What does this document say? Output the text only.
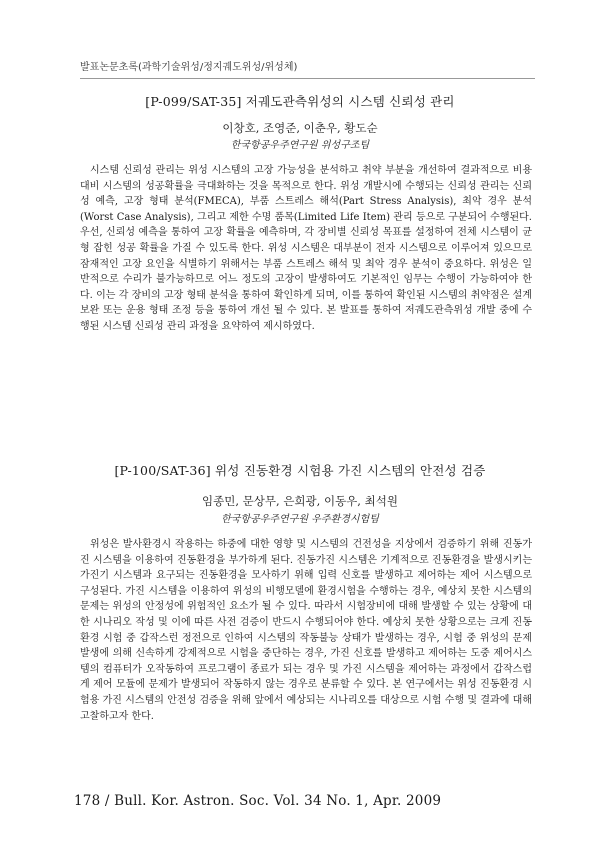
발표논문초록(과학기술위성/정지궤도위성/위성체)
[P-099/SAT-35] 저궤도관측위성의 시스템 신뢰성 관리
이창호, 조영준, 이춘우, 황도순
한국항공우주연구원 위성구조팀
시스템 신뢰성 관리는 위성 시스템의 고장 가능성을 분석하고 취약 부분을 개선하여 결과적으로 비용대비 시스템의 성공확률을 극대화하는 것을 목적으로 한다. 위성 개발시에 수행되는 신뢰성 관리는 신뢰성 예측, 고장 형태 분석(FMECA), 부품 스트레스 해석(Part Stress Analysis), 최악 경우 분석(Worst Case Analysis), 그리고 제한 수명 품목(Limited Life Item) 관리 등으로 구분되어 수행된다. 우선, 신뢰성 예측을 통하여 고장 확률을 예측하며, 각 장비별 신뢰성 목표를 설정하여 전체 시스템이 균형 잡힌 성공 확률을 가질 수 있도록 한다. 위성 시스템은 대부분이 전자 시스템으로 이루어져 있으므로 잠재적인 고장 요인을 식별하기 위해서는 부품 스트레스 해석 및 최악 경우 분석이 중요하다. 위성은 일반적으로 수리가 불가능하므로 어느 정도의 고장이 발생하여도 기본적인 임무는 수행이 가능하여야 한다. 이는 각 장비의 고장 형태 분석을 통하여 확인하게 되며, 이를 통하여 확인된 시스템의 취약점은 설계 보완 또는 운용 형태 조정 등을 통하여 개선 될 수 있다. 본 발표를 통하여 저궤도관측위성 개발 중에 수행된 시스템 신뢰성 관리 과정을 요약하여 제시하였다.
[P-100/SAT-36] 위성 진동환경 시험용 가진 시스템의 안전성 검증
임종민, 문상무, 은희광, 이동우, 최석원
한국항공우주연구원 우주환경시험팀
위성은 발사환경시 작용하는 하중에 대한 영향 및 시스템의 건전성을 지상에서 검증하기 위해 진동가진 시스템을 이용하여 진동환경을 부가하게 된다. 진동가진 시스템은 기계적으로 진동환경을 발생시키는 가진기 시스템과 요구되는 진동환경을 모사하기 위해 입력 신호를 발생하고 제어하는 제어 시스템으로 구성된다. 가진 시스템을 이용하여 위성의 비행모델에 환경시험을 수행하는 경우, 예상치 못한 시스템의 문제는 위성의 안정성에 위험적인 요소가 될 수 있다. 따라서 시험장비에 대해 발생할 수 있는 상황에 대한 시나리오 작성 및 이에 따른 사전 검증이 반드시 수행되어야 한다. 예상치 못한 상황으로는 크게 진동환경 시험 중 갑작스런 정전으로 인하여 시스템의 작동불능 상태가 발생하는 경우, 시험 중 위성의 문제 발생에 의해 신속하게 강제적으로 시험을 중단하는 경우, 가진 신호를 발생하고 제어하는 도중 제어시스템의 컴퓨터가 오작동하여 프로그램이 종료가 되는 경우 및 가진 시스템을 제어하는 과정에서 갑작스럽게 제어 모듈에 문제가 발생되어 작동하지 않는 경우로 분류할 수 있다. 본 연구에서는 위성 진동환경 시험용 가진 시스템의 안전성 검증을 위해 앞에서 예상되는 시나리오를 대상으로 시험 수행 및 결과에 대해 고찰하고자 한다.
178 / Bull. Kor. Astron. Soc. Vol. 34 No. 1, Apr. 2009
